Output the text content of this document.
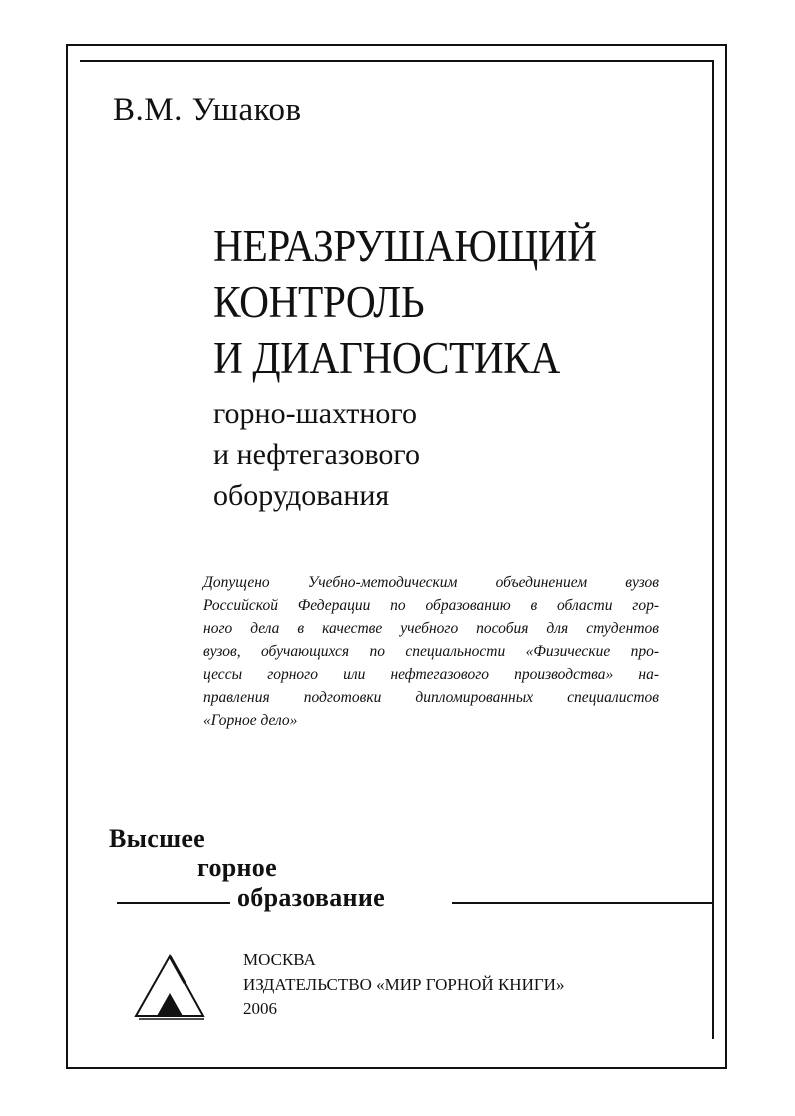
В.М. Ушаков
НЕРАЗРУШАЮЩИЙ
КОНТРОЛЬ
И ДИАГНОСТИКА
горно-шахтного
и нефтегазового
оборудования
Допущено Учебно-методическим объединением вузов
Российской Федерации по образованию в области гор-
ного дела в качестве учебного пособия для студентов
вузов, обучающихся по специальности «Физические про-
цессы горного или нефтегазового производства» на-
правления подготовки дипломированных специалистов
«Горное дело»
Высшее
горное
образование
МОСКВА
ИЗДАТЕЛЬСТВО «МИР ГОРНОЙ КНИГИ»
2006
